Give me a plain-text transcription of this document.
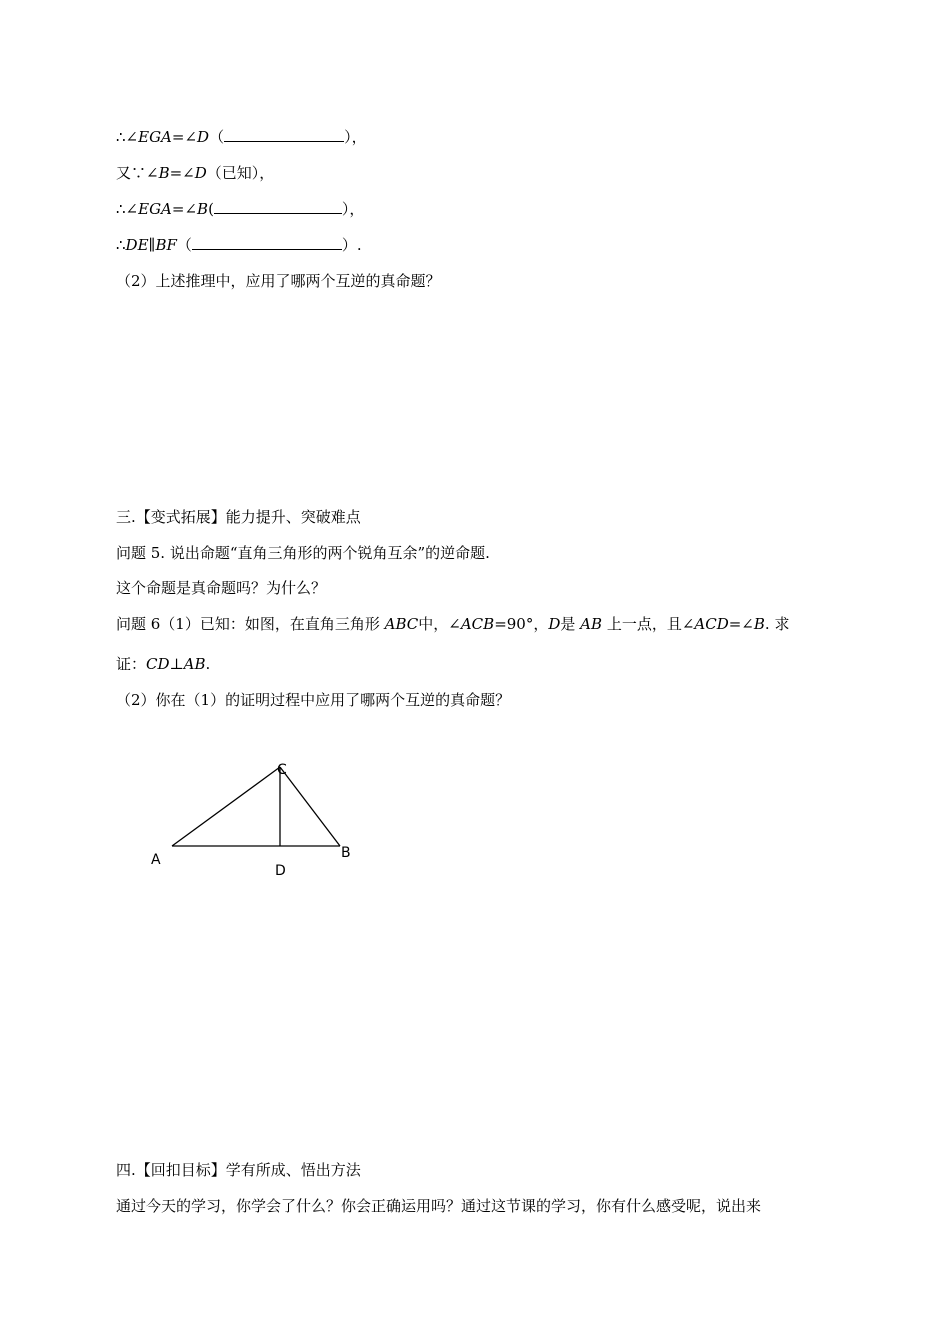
∴∠EGA=∠D（	），
又∵∠B=∠D（已知），
∴∠EGA=∠B(	），
∴DE∥BF（	）.
（2）上述推理中，应用了哪两个互逆的真命题？
三.【变式拓展】能力提升、突破难点
问题 5. 说出命题“直角三角形的两个锐角互余”的逆命题.
这个命题是真命题吗？为什么？
问题 6（1）已知：如图，在直角三角形 ABC中，∠ACB=90°，D是 AB 上一点，且∠ACD=∠B. 求
证：CD⊥AB.
（2）你在（1）的证明过程中应用了哪两个互逆的真命题？
A	B
C
D
四.【回扣目标】学有所成、悟出方法
通过今天的学习，你学会了什么？你会正确运用吗？通过这节课的学习，你有什么感受呢，说出来
